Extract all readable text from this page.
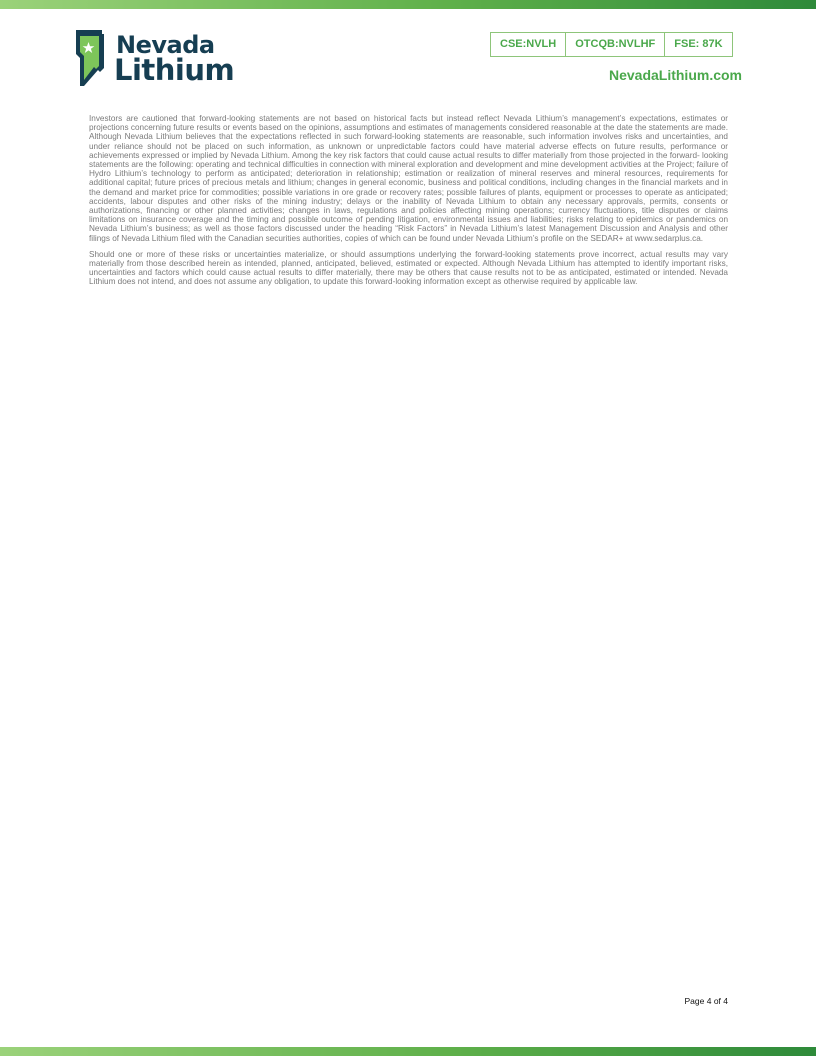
Nevada
Lithium
CSE:NVLH	OTCQB:NVLHF	FSE: 87K
NevadaLithium.com

Investors are cautioned that forward-looking statements are not based on historical facts but instead reflect Nevada Lithium’s management’s expectations, estimates or projections concerning future results or events based on the opinions, assumptions and estimates of managements considered reasonable at the date the statements are made. Although Nevada Lithium believes that the expectations reflected in such forward-looking statements are reasonable, such information involves risks and uncertainties, and under reliance should not be placed on such information, as unknown or unpredictable factors could have material adverse effects on future results, performance or achievements expressed or implied by Nevada Lithium. Among the key risk factors that could cause actual results to differ materially from those projected in the forward- looking statements are the following: operating and technical difficulties in connection with mineral exploration and development and mine development activities at the Project; failure of Hydro Lithium’s technology to perform as anticipated; deterioration in relationship; estimation or realization of mineral reserves and mineral resources, requirements for additional capital; future prices of precious metals and lithium; changes in general economic, business and political conditions, including changes in the financial markets and in the demand and market price for commodities; possible variations in ore grade or recovery rates; possible failures of plants, equipment or processes to operate as anticipated; accidents, labour disputes and other risks of the mining industry; delays or the inability of Nevada Lithium to obtain any necessary approvals, permits, consents or authorizations, financing or other planned activities; changes in laws, regulations and policies affecting mining operations; currency fluctuations, title disputes or claims limitations on insurance coverage and the timing and possible outcome of pending litigation, environmental issues and liabilities; risks relating to epidemics or pandemics on Nevada Lithium’s business; as well as those factors discussed under the heading “Risk Factors” in Nevada Lithium’s latest Management Discussion and Analysis and other filings of Nevada Lithium filed with the Canadian securities authorities, copies of which can be found under Nevada Lithium’s profile on the SEDAR+ at www.sedarplus.ca.

Should one or more of these risks or uncertainties materialize, or should assumptions underlying the forward-looking statements prove incorrect, actual results may vary materially from those described herein as intended, planned, anticipated, believed, estimated or expected. Although Nevada Lithium has attempted to identify important risks, uncertainties and factors which could cause actual results to differ materially, there may be others that cause results not to be as anticipated, estimated or intended. Nevada Lithium does not intend, and does not assume any obligation, to update this forward-looking information except as otherwise required by applicable law.

Page 4 of 4
